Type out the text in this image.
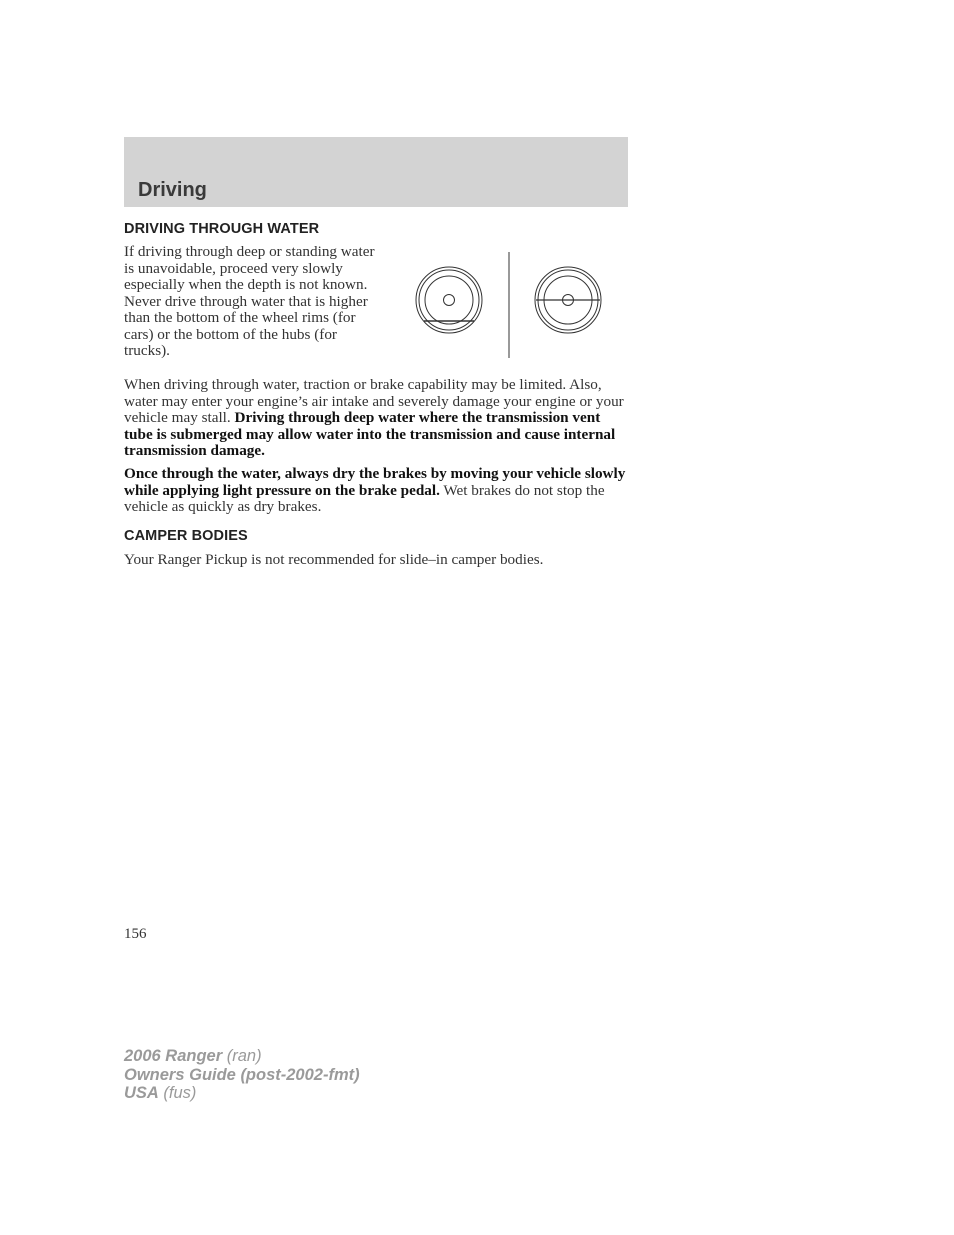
Driving
DRIVING THROUGH WATER
If driving through deep or standing water is unavoidable, proceed very slowly especially when the depth is not known. Never drive through water that is higher than the bottom of the wheel rims (for cars) or the bottom of the hubs (for trucks).
When driving through water, traction or brake capability may be limited. Also, water may enter your engine’s air intake and severely damage your engine or your vehicle may stall. Driving through deep water where the transmission vent tube is submerged may allow water into the transmission and cause internal transmission damage.
Once through the water, always dry the brakes by moving your vehicle slowly while applying light pressure on the brake pedal. Wet brakes do not stop the vehicle as quickly as dry brakes.
CAMPER BODIES
Your Ranger Pickup is not recommended for slide–in camper bodies.
156
2006 Ranger (ran)
Owners Guide (post-2002-fmt)
USA (fus)
